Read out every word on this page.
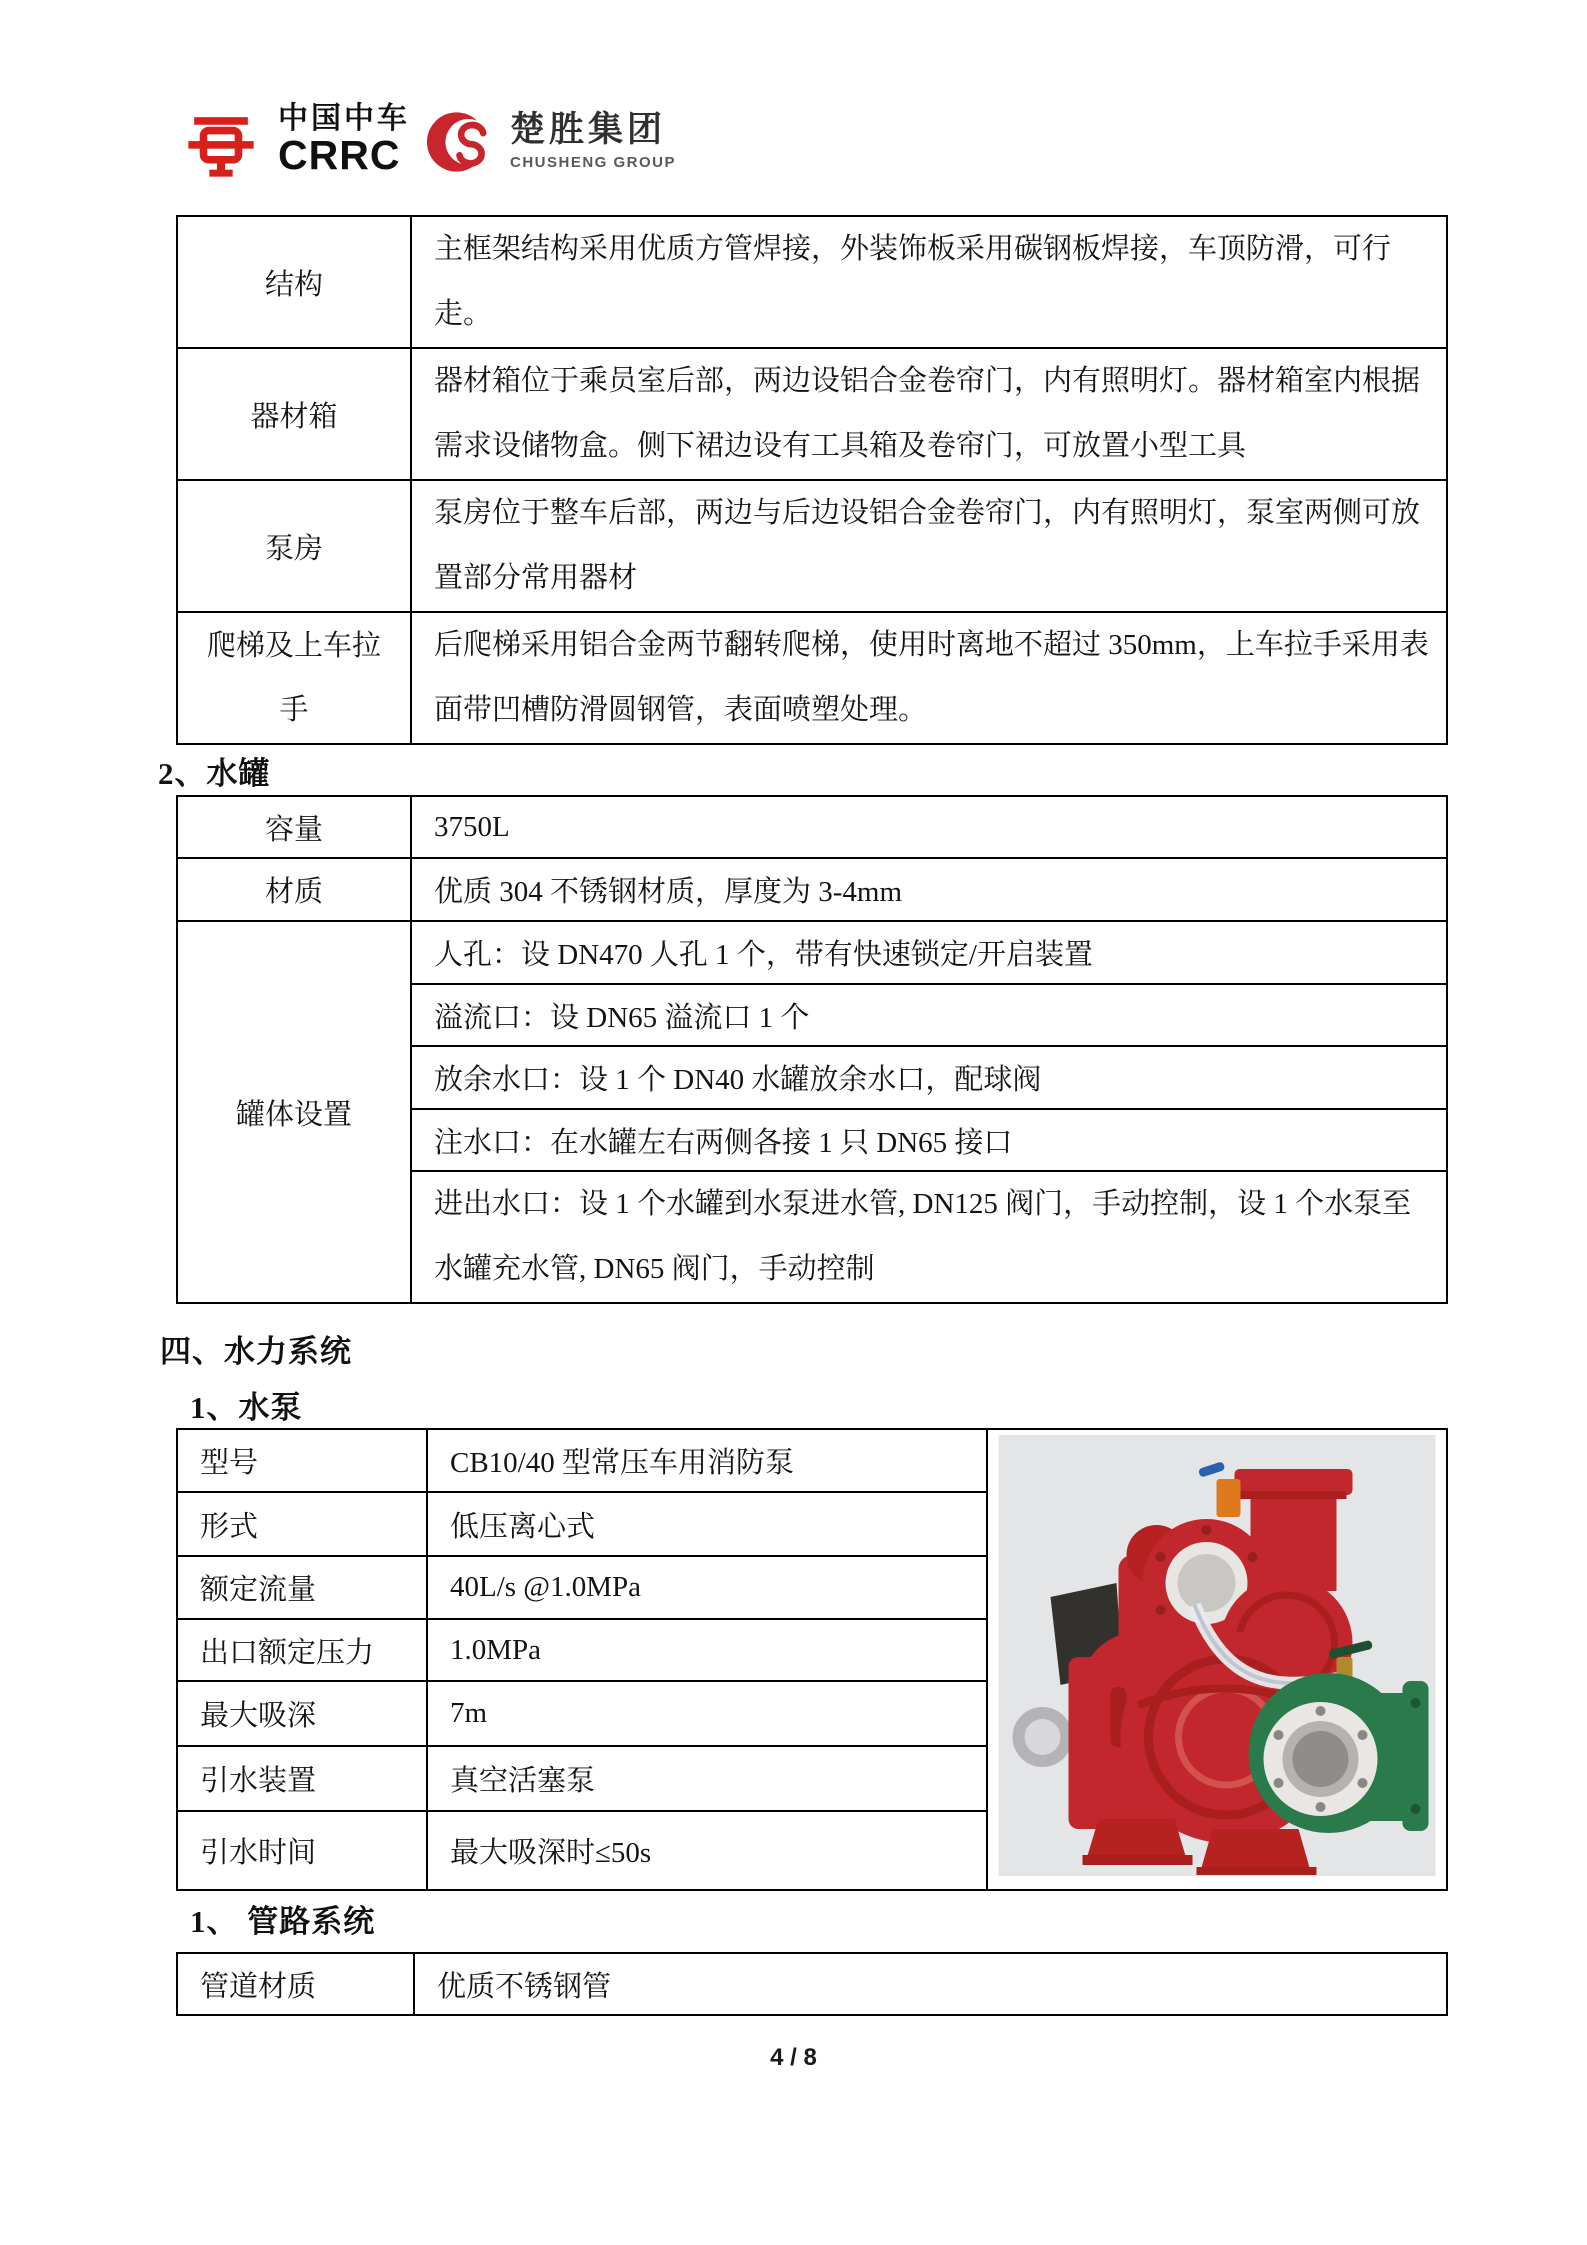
中国中车
CRRC
楚胜集团
CHUSHENG GROUP
结构	主框架结构采用优质方管焊接，外装饰板采用碳钢板焊接，车顶防滑，可行走。
器材箱	器材箱位于乘员室后部，两边设铝合金卷帘门，内有照明灯。器材箱室内根据需求设储物盒。侧下裙边设有工具箱及卷帘门，可放置小型工具
泵房	泵房位于整车后部，两边与后边设铝合金卷帘门，内有照明灯，泵室两侧可放置部分常用器材
爬梯及上车拉手	后爬梯采用铝合金两节翻转爬梯，使用时离地不超过 350mm，上车拉手采用表面带凹槽防滑圆钢管，表面喷塑处理。
2、水罐
容量	3750L
材质	优质 304 不锈钢材质，厚度为 3-4mm
罐体设置	人孔：设 DN470 人孔 1 个，带有快速锁定/开启装置
	溢流口：设 DN65 溢流口 1 个
	放余水口：设 1 个 DN40 水罐放余水口，配球阀
	注水口：在水罐左右两侧各接 1 只 DN65 接口
	进出水口：设 1 个水罐到水泵进水管, DN125 阀门，手动控制，设 1 个水泵至水罐充水管, DN65 阀门，手动控制
四、水力系统
1、水泵
型号	CB10/40 型常压车用消防泵	
形式	低压离心式	
额定流量	40L/s @1.0MPa	
出口额定压力	1.0MPa	
最大吸深	7m	
引水装置	真空活塞泵	
引水时间	最大吸深时≤50s	
1、 管路系统
管道材质	优质不锈钢管
4 / 8
